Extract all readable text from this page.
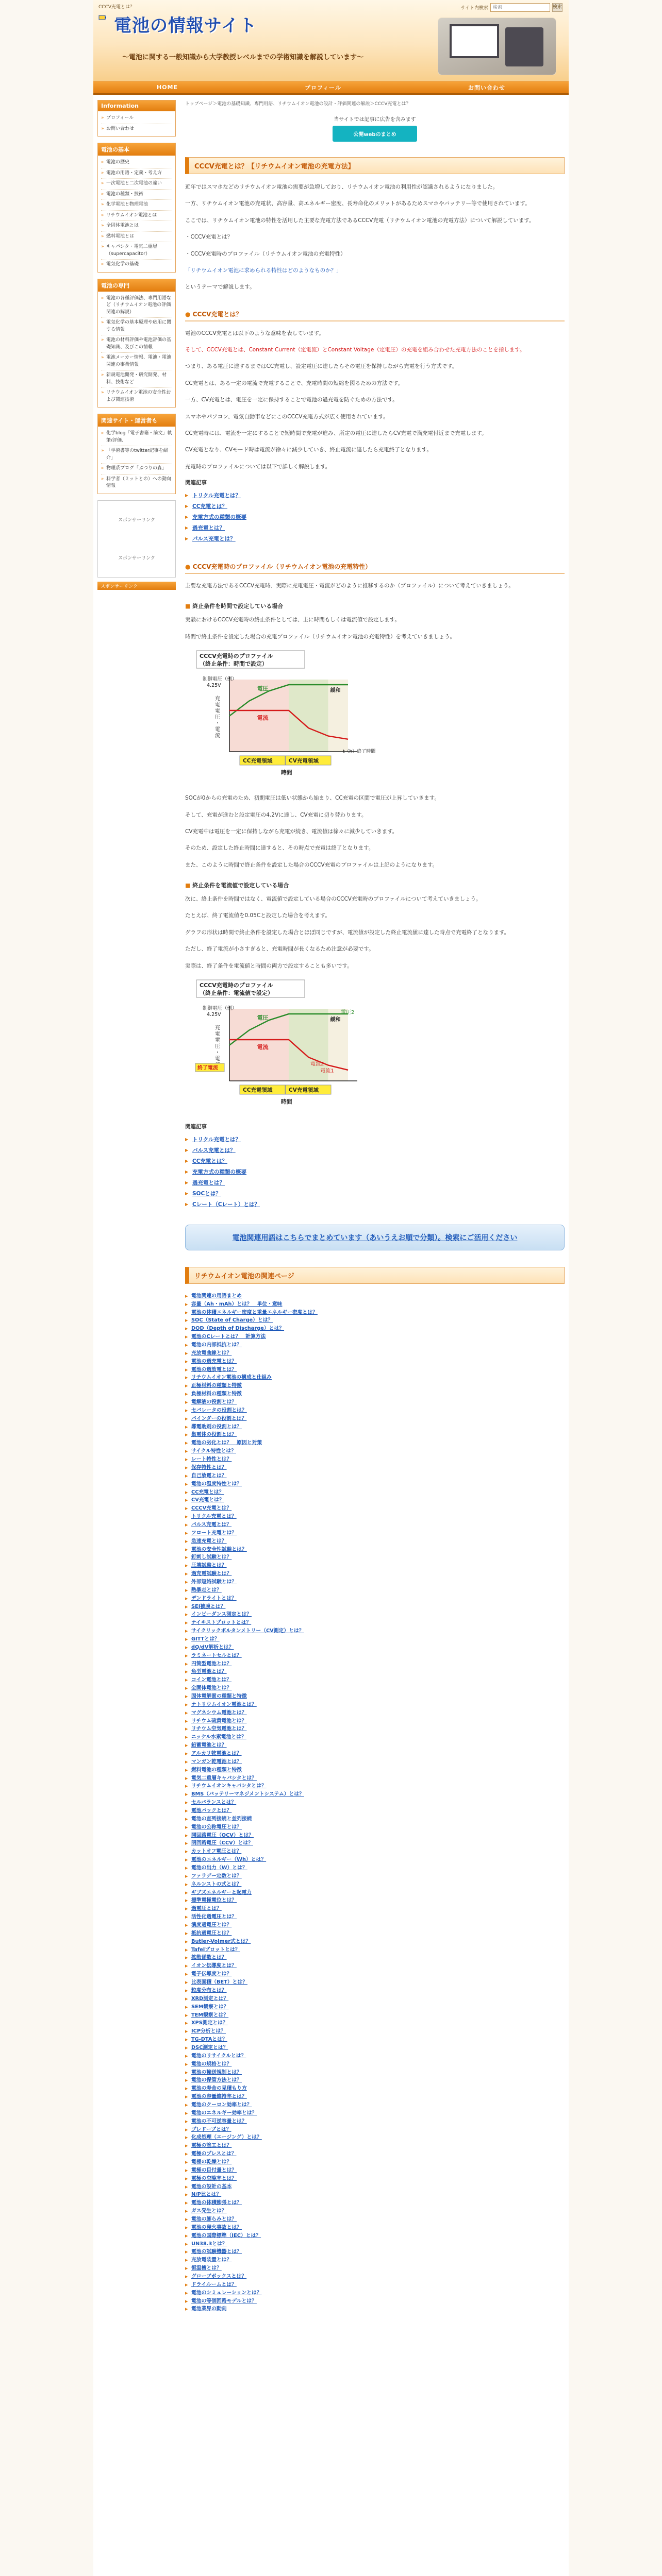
CCCV充電とは？
電池の情報サイト
～電池に関する一般知識から大学教授レベルまでの学術知識を解説しています～
サイト内検索
検索	検索
HOME	プロフィール	お問い合わせ
Information
» プロフィール
» お問い合わせ
電池の基本
» 電池の歴史
» 電池の用語・定義・考え方
» 一次電池と二次電池の違い
» 電池の種類・技術
» 化学電池と物理電池
» リチウムイオン電池とは
» 全固体電池とは
» 燃料電池とは
» キャパシタ・電気二重層（supercapacitor）
» 電気化学の基礎
電池の専門
» 電池の各種評価法、専門用語など（リチウムイオン電池の評価関連の解説）
» 電気化学の基本原理や応用に関する情報
» 電池の材料評価や電池評価の基礎知識、及びこの情報
» 電池メーカー情報、電池・電池関連の事業情報
» 新規電池開発・研究開発、材料、技術など
» リチウムイオン電池の安全性および関連技術
関連サイト・運営者も
» 化学blog「電子書籍・論文」執筆/評価、
» 「学術書等のtwitter記事を紹介」
» 物理系ブログ「ぶつりの森」
» 科学者（ミットとの）への動向情報
スポンサーリンク
スポンサーリンク
スポンサーリンク
トップページ＞電池の基礎知識、専門用語、リチウムイオン電池の設計・評価関連の解説＞CCCV充電とは？
当サイトでは記事に広告を含みます
公開webのまとめ
CCCV充電とは？【リチウムイオン電池の充電方法】

近年ではスマホなどのリチウムイオン電池の需要が急増しており、リチウムイオン電池の利用性が認識されるようになりました。

一方、リチウムイオン電池の充電状、高容量、高エネルギー密度、長寿命化のメリットがあるためスマホやバッテリー等で使用されています。

ここでは、リチウムイオン電池の特性を活用した主要な充電方法であるCCCV充電（リチウムイオン電池の充電方法）について解説しています。

・CCCV充電とは？

・CCCV充電時のプロファイル（リチウムイオン電池の充電特性）

「リチウムイオン電池に求められる特性はどのようなものか？」

というテーマで解説します。

● CCCV充電とは？

電池のCCCV充電とは以下のような意味を表しています。

そして、CCCV充電とは、Constant Current（定電流）とConstant Voltage（定電圧）の充電を組み合わせた充電方法のことを指します。

つまり、ある電圧に達するまではCC充電し、設定電圧に達したらその電圧を保持しながら充電を行う方式です。

CC充電とは、ある一定の電流で充電することで、充電時間の短縮を図るための方法です。

一方、CV充電とは、電圧を一定に保持することで電池の過充電を防ぐための方法です。

スマホやパソコン、電気自動車などにこのCCCV充電方式が広く使用されています。

CC充電時には、電流を一定にすることで短時間で充電が進み、所定の電圧に達したらCV充電で満充電付近まで充電します。

CV充電となり、CVモード時は電流が徐々に減少していき、終止電流に達したら充電終了となります。

充電時のプロファイルについては以下で詳しく解説します。

関連記事
▶ トリクル充電とは？
▶ CC充電とは？
▶ 充電方式の種類の概要
▶ 過充電とは？
▶ パルス充電とは？
● CCCV充電時のプロファイル（リチウムイオン電池の充電特性）

主要な充電方法であるCCCV充電時、実際に充電電圧・電流がどのように推移するのか（プロファイル）について考えていきましょう。

■ 終止条件を時間で設定している場合

実験におけるCCCV充電時の終止条件としては、主に時間もしくは電流値で設定します。

時間で終止条件を設定した場合の充電プロファイル（リチウムイオン電池の充電特性）を考えていきましょう。

CCCV充電時のプロファイル
（終止条件：時間で設定）
制御電圧（例）
4.25V
充
電
電
圧
・
電
流
電圧
電流
緩和
t（h）終了時間
CC充電領域	CV充電領域
時間

SOCが0からの充電のため、初期電圧は低い状態から始まり、CC充電の区間で電圧が上昇していきます。

そして、充電が進むと設定電圧の4.2Vに達し、CV充電に切り替わります。

CV充電中は電圧を一定に保持しながら充電が続き、電流値は徐々に減少していきます。

そのため、設定した終止時間に達すると、その時点で充電は終了となります。

また、このように時間で終止条件を設定した場合のCCCV充電のプロファイルは上記のようになります。

■ 終止条件を電流値で設定している場合

次に、終止条件を時間ではなく、電流値で設定している場合のCCCV充電時のプロファイルについて考えていきましょう。

たとえば、終了電流値を0.05Cと設定した場合を考えます。

グラフの形状は時間で終止条件を設定した場合とほぼ同じですが、電流値が設定した終止電流値に達した時点で充電終了となります。

ただし、終了電流が小さすぎると、充電時間が長くなるため注意が必要です。

実際は、終了条件を電流値と時間の両方で設定することも多いです。

CCCV充電時のプロファイル
（終止条件：電流値で設定）
制御電圧（例）
4.25V
充
電
電
圧
・
電
電圧
電流
緩和
電圧2
電流2
電流1
終了電流
CC充電領域	CV充電領域
時間
関連記事
▶ トリクル充電とは？
▶ パルス充電とは？
▶ CC充電とは？
▶ 充電方式の種類の概要
▶ 過充電とは？
▶ SOCとは？
▶ Cレート（Cレート）とは？
電池関連用語はこちらでまとめています（あいうえお順で分類）。検索にご活用ください
リチウムイオン電池の関連ページ
▶ 電池関連の用語まとめ
▶ 容量（Ah・mAh）とは？　単位・意味
▶ 電池の体積エネルギー密度と重量エネルギー密度とは？
▶ SOC（State of Charge）とは？
▶ DOD（Depth of Discharge）とは？
▶ 電池のCレートとは？　計算方法
▶ 電池の内部抵抗とは？
▶ 充放電曲線とは？
▶ 電池の過充電とは？
▶ 電池の過放電とは？
▶ リチウムイオン電池の構成と仕組み
▶ 正極材料の種類と特徴
▶ 負極材料の種類と特徴
▶ 電解液の役割とは？
▶ セパレータの役割とは？
▶ バインダーの役割とは？
▶ 導電助剤の役割とは？
▶ 集電体の役割とは？
▶ 電池の劣化とは？　原因と対策
▶ サイクル特性とは？
▶ レート特性とは？
▶ 保存特性とは？
▶ 自己放電とは？
▶ 電池の温度特性とは？
▶ CC充電とは？
▶ CV充電とは？
▶ CCCV充電とは？
▶ トリクル充電とは？
▶ パルス充電とは？
▶ フロート充電とは？
▶ 急速充電とは？
▶ 電池の安全性試験とは？
▶ 釘刺し試験とは？
▶ 圧壊試験とは？
▶ 過充電試験とは？
▶ 外部短絡試験とは？
▶ 熱暴走とは？
▶ デンドライトとは？
▶ SEI被膜とは？
▶ インピーダンス測定とは？
▶ ナイキストプロットとは？
▶ サイクリックボルタンメトリー（CV測定）とは？
▶ GITTとは？
▶ dQ/dV解析とは？
▶ ラミネートセルとは？
▶ 円筒型電池とは？
▶ 角型電池とは？
▶ コイン電池とは？
▶ 全固体電池とは？
▶ 固体電解質の種類と特徴
▶ ナトリウムイオン電池とは？
▶ マグネシウム電池とは？
▶ リチウム硫黄電池とは？
▶ リチウム空気電池とは？
▶ ニッケル水素電池とは？
▶ 鉛蓄電池とは？
▶ アルカリ乾電池とは？
▶ マンガン乾電池とは？
▶ 燃料電池の種類と特徴
▶ 電気二重層キャパシタとは？
▶ リチウムイオンキャパシタとは？
▶ BMS（バッテリーマネジメントシステム）とは？
▶ セルバランスとは？
▶ 電池パックとは？
▶ 電池の直列接続と並列接続
▶ 電池の公称電圧とは？
▶ 開回路電圧（OCV）とは？
▶ 閉回路電圧（CCV）とは？
▶ カットオフ電圧とは？
▶ 電池のエネルギー（Wh）とは？
▶ 電池の出力（W）とは？
▶ ファラデー定数とは？
▶ ネルンストの式とは？
▶ ギブズエネルギーと起電力
▶ 標準電極電位とは？
▶ 過電圧とは？
▶ 活性化過電圧とは？
▶ 濃度過電圧とは？
▶ 抵抗過電圧とは？
▶ Butler-Volmer式とは？
▶ Tafelプロットとは？
▶ 拡散係数とは？
▶ イオン伝導度とは？
▶ 電子伝導度とは？
▶ 比表面積（BET）とは？
▶ 粒度分布とは？
▶ XRD測定とは？
▶ SEM観察とは？
▶ TEM観察とは？
▶ XPS測定とは？
▶ ICP分析とは？
▶ TG-DTAとは？
▶ DSC測定とは？
▶ 電池のリサイクルとは？
▶ 電池の規格とは？
▶ 電池の輸送規制とは？
▶ 電池の保管方法とは？
▶ 電池の寿命の見積もり方
▶ 電池の容量維持率とは？
▶ 電池のクーロン効率とは？
▶ 電池のエネルギー効率とは？
▶ 電池の不可逆容量とは？
▶ プレドープとは？
▶ 化成処理（エージング）とは？
▶ 電極の塗工とは？
▶ 電極のプレスとは？
▶ 電極の乾燥とは？
▶ 電極の目付量とは？
▶ 電極の空隙率とは？
▶ 電池の設計の基本
▶ N/P比とは？
▶ 電池の体積膨張とは？
▶ ガス発生とは？
▶ 電池の膨らみとは？
▶ 電池の発火事故とは？
▶ 電池の国際標準（IEC）とは？
▶ UN38.3とは？
▶ 電池の試験機器とは？
▶ 充放電装置とは？
▶ 恒温槽とは？
▶ グローブボックスとは？
▶ ドライルームとは？
▶ 電池のシミュレーションとは？
▶ 電池の等価回路モデルとは？
▶ 電池業界の動向
